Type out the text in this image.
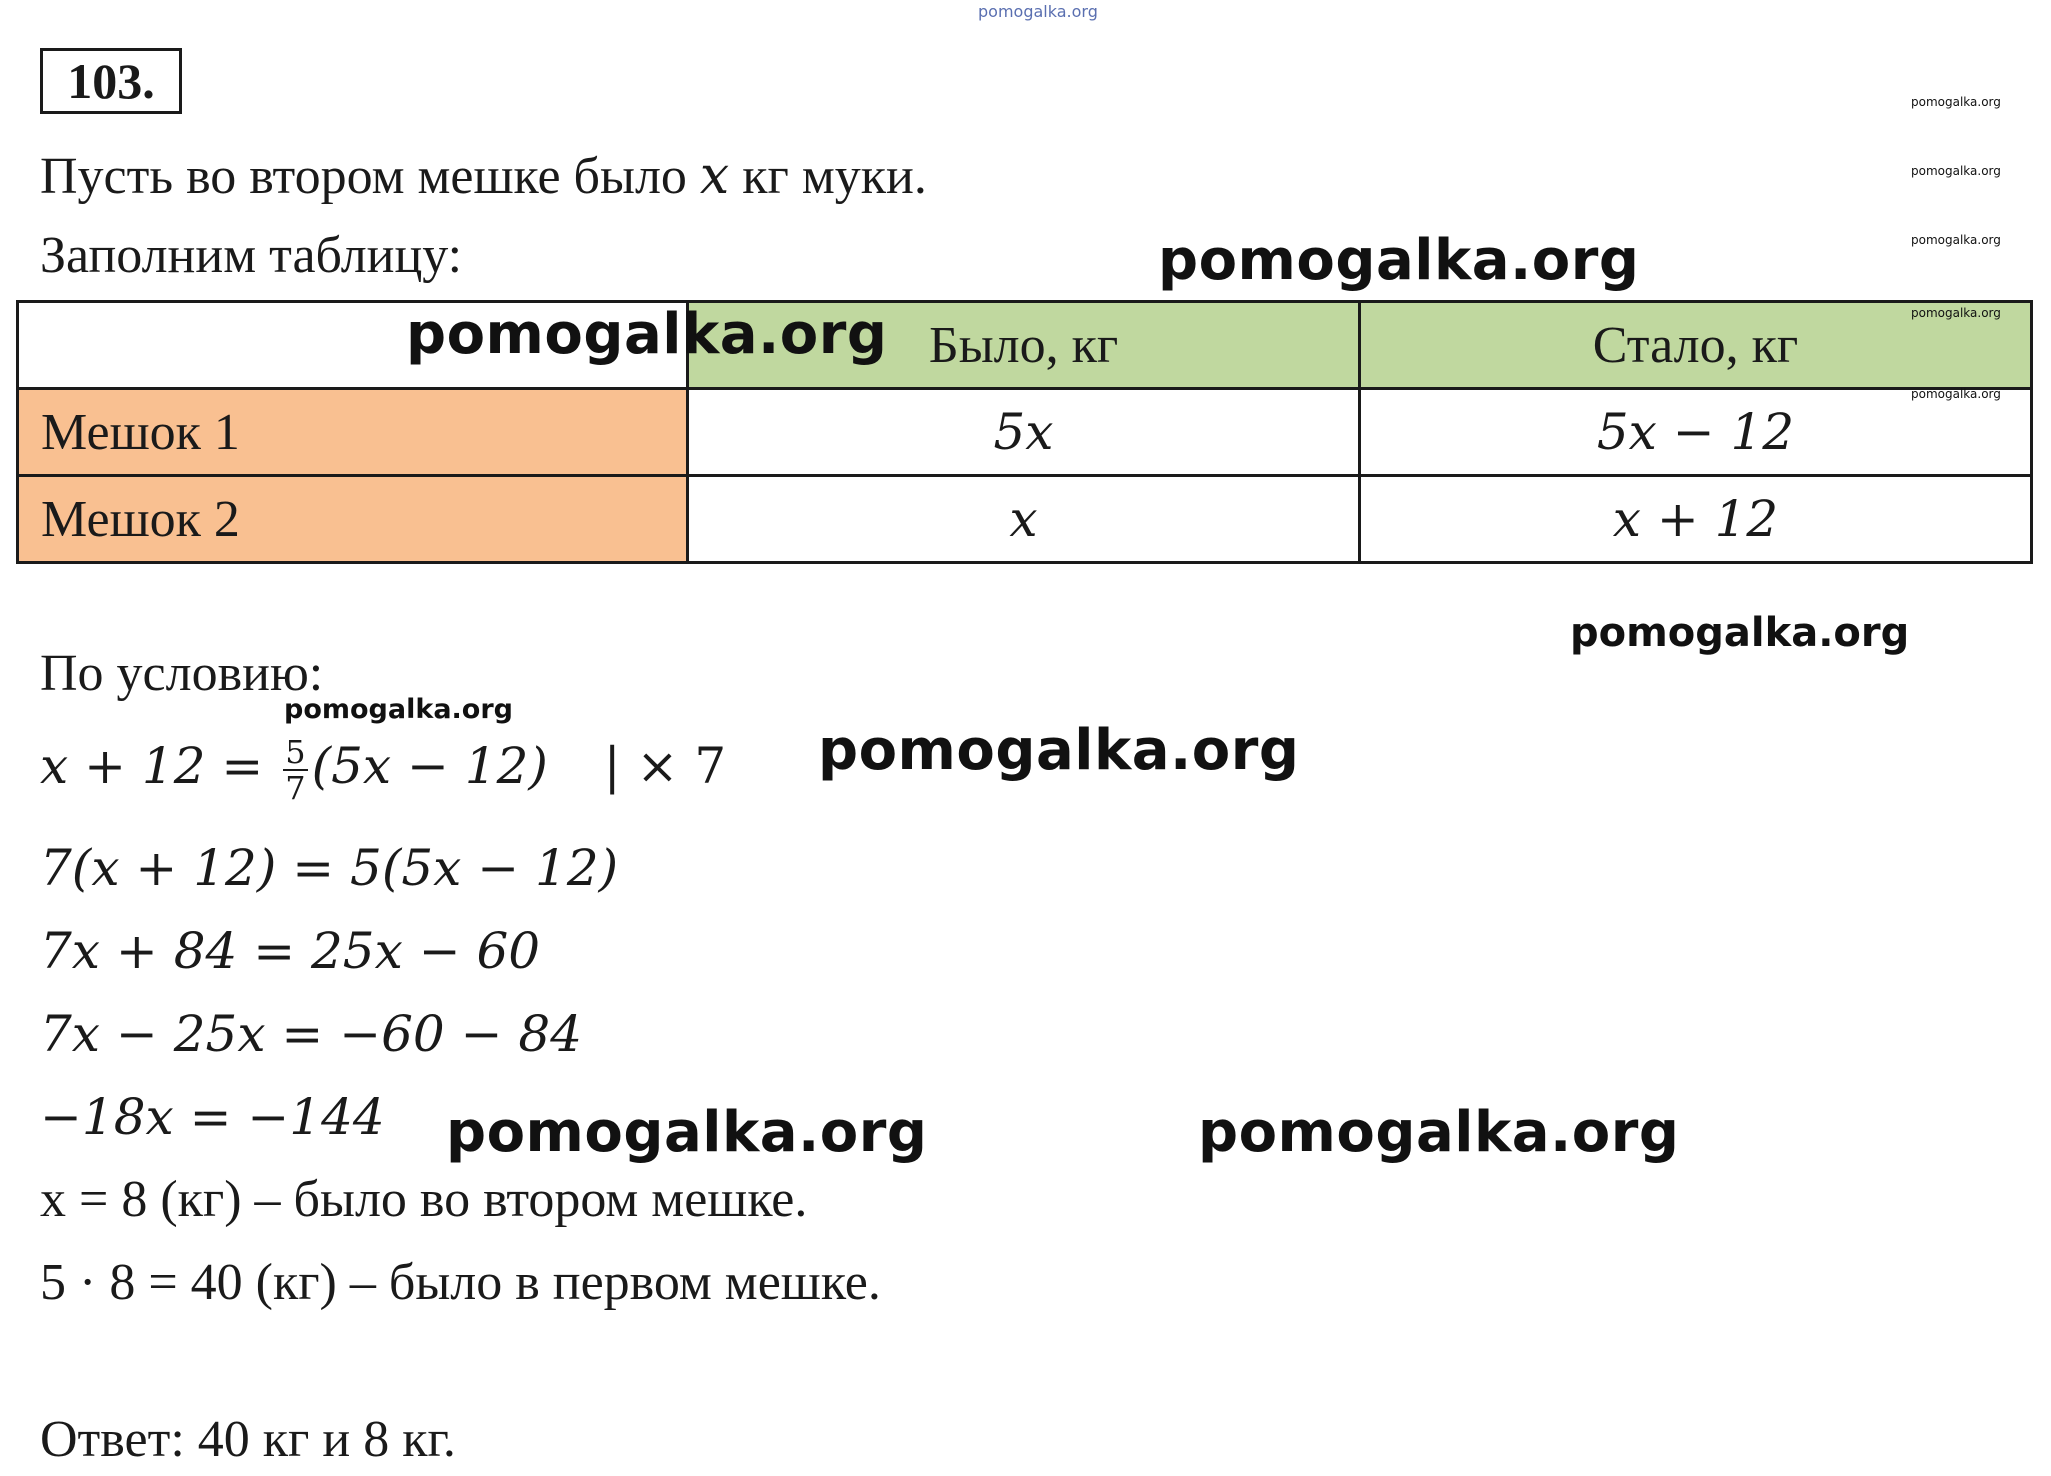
103.
Пусть во втором мешке было x кг муки.
Заполним таблицу:
	Было, кг	Стало, кг
Мешок 1	5x	5x − 12
Мешок 2	x	x + 12
По условию:
$x + 12 = \frac{5}{7} (5x - 12)$ | × 7
7(x + 12) = 5(5x − 12)
7x + 84 = 25x − 60
7x − 25x = −60 − 84
−18x = −144
x = 8 (кг) – было во втором мешке.
5 · 8 = 40 (кг) – было в первом мешке.
Ответ: 40 кг и 8 кг.
pomogalka.org
pomogalka.org
pomogalka.org
pomogalka.org
pomogalka.org
pomogalka.org
pomogalka.org
pomogalka.org
pomogalka.org
pomogalka.org
pomogalka.org
pomogalka.org	pomogalka.org
